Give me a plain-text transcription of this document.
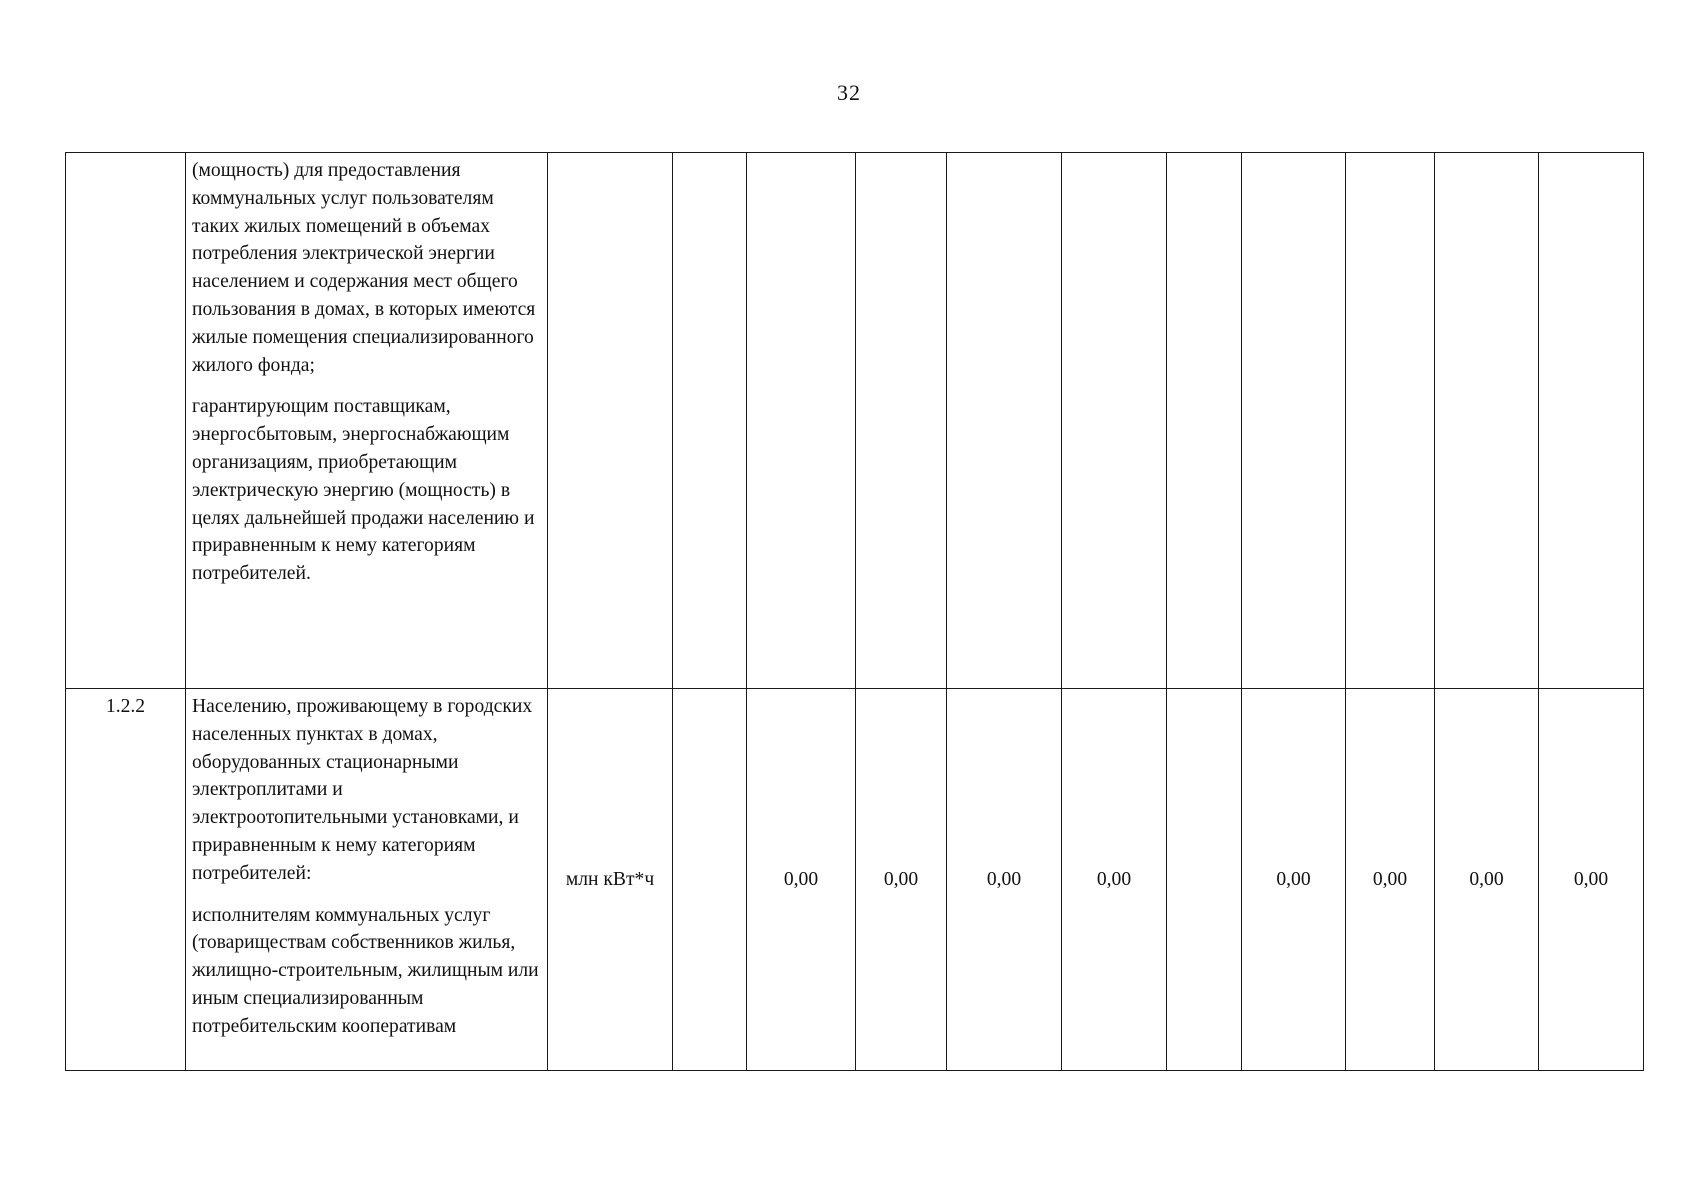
32

	(мощность) для предоставления коммунальных услуг пользователям таких жилых помещений в объемах потребления электрической энергии населением и содержания мест общего пользования в домах, в которых имеются жилые помещения специализированного жилого фонда;

гарантирующим поставщикам, энергосбытовым, энергоснабжающим организациям, приобретающим электрическую энергию (мощность) в целях дальнейшей продажи населению и приравненным к нему категориям потребителей.											

1.2.2	Населению, проживающему в городских населенных пунктах в домах, оборудованных стационарными электроплитами и электроотопительными установками, и приравненным к нему категориям потребителей:

исполнителям коммунальных услуг (товариществам собственников жилья, жилищно-строительным, жилищным или иным специализированным потребительским кооперативам	млн кВт*ч		0,00	0,00	0,00	0,00		0,00	0,00	0,00	0,00
